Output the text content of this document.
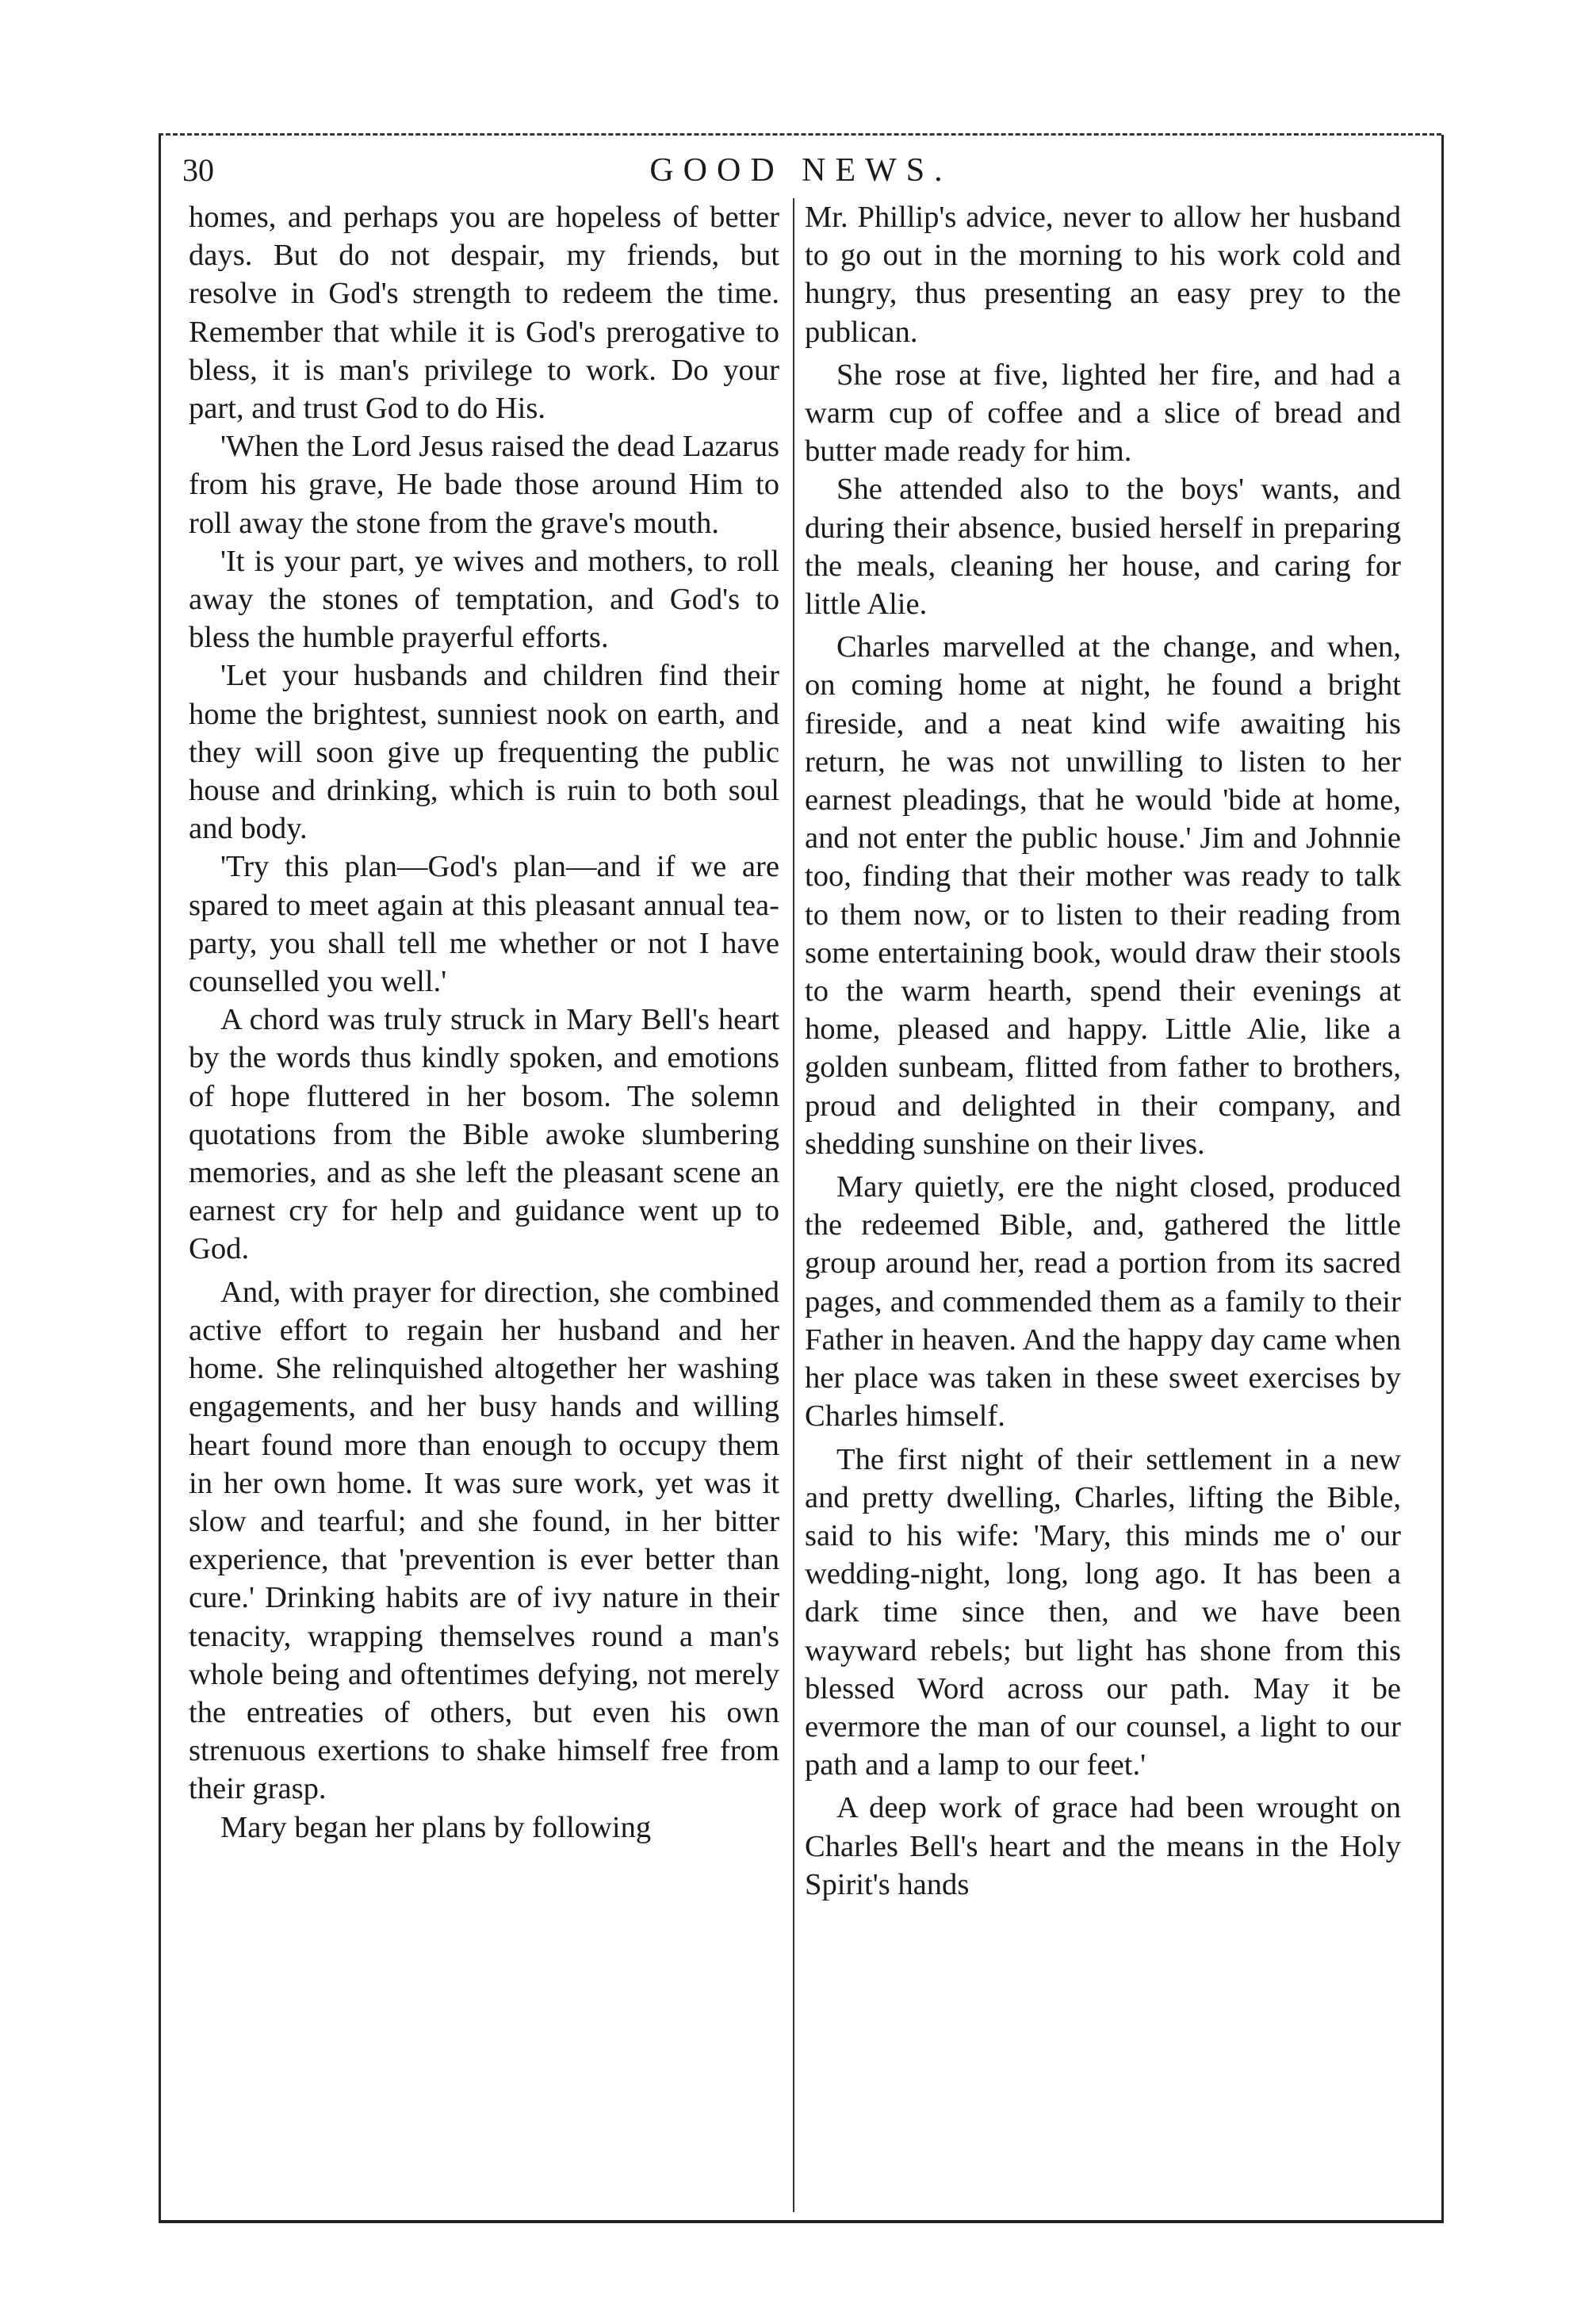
30	GOOD NEWS.

homes, and perhaps you are hopeless of better days. But do not despair, my friends, but resolve in God's strength to redeem the time. Remember that while it is God's prerogative to bless, it is man's privilege to work. Do your part, and trust God to do His.

'When the Lord Jesus raised the dead Lazarus from his grave, He bade those around Him to roll away the stone from the grave's mouth.

'It is your part, ye wives and mothers, to roll away the stones of temptation, and God's to bless the humble prayerful efforts.

'Let your husbands and children find their home the brightest, sunniest nook on earth, and they will soon give up frequenting the public house and drinking, which is ruin to both soul and body.

'Try this plan—God's plan—and if we are spared to meet again at this pleasant annual tea-party, you shall tell me whether or not I have counselled you well.'

A chord was truly struck in Mary Bell's heart by the words thus kindly spoken, and emotions of hope fluttered in her bosom. The solemn quotations from the Bible awoke slumbering memories, and as she left the pleasant scene an earnest cry for help and guidance went up to God.

And, with prayer for direction, she combined active effort to regain her husband and her home. She relinquished altogether her washing engagements, and her busy hands and willing heart found more than enough to occupy them in her own home. It was sure work, yet was it slow and tearful; and she found, in her bitter experience, that 'prevention is ever better than cure.' Drinking habits are of ivy nature in their tenacity, wrapping themselves round a man's whole being and oftentimes defying, not merely the entreaties of others, but even his own strenuous exertions to shake himself free from their grasp.

Mary began her plans by following

Mr. Phillip's advice, never to allow her husband to go out in the morning to his work cold and hungry, thus presenting an easy prey to the publican.

She rose at five, lighted her fire, and had a warm cup of coffee and a slice of bread and butter made ready for him.

She attended also to the boys' wants, and during their absence, busied herself in preparing the meals, cleaning her house, and caring for little Alie.

Charles marvelled at the change, and when, on coming home at night, he found a bright fireside, and a neat kind wife awaiting his return, he was not unwilling to listen to her earnest pleadings, that he would 'bide at home, and not enter the public house.' Jim and Johnnie too, finding that their mother was ready to talk to them now, or to listen to their reading from some entertaining book, would draw their stools to the warm hearth, spend their evenings at home, pleased and happy. Little Alie, like a golden sunbeam, flitted from father to brothers, proud and delighted in their company, and shedding sunshine on their lives.

Mary quietly, ere the night closed, produced the redeemed Bible, and, gathered the little group around her, read a portion from its sacred pages, and commended them as a family to their Father in heaven. And the happy day came when her place was taken in these sweet exercises by Charles himself.

The first night of their settlement in a new and pretty dwelling, Charles, lifting the Bible, said to his wife: 'Mary, this minds me o' our wedding-night, long, long ago. It has been a dark time since then, and we have been wayward rebels; but light has shone from this blessed Word across our path. May it be evermore the man of our counsel, a light to our path and a lamp to our feet.'

A deep work of grace had been wrought on Charles Bell's heart and the means in the Holy Spirit's hands
